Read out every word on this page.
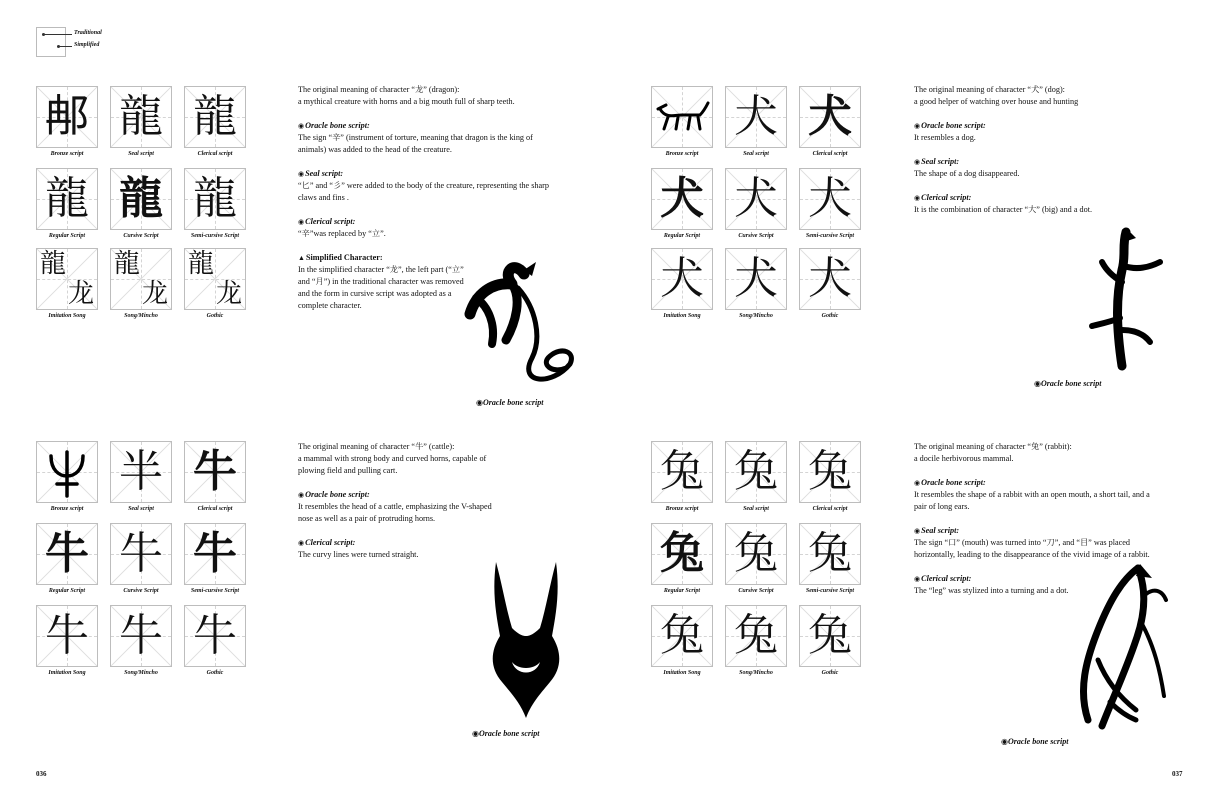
Traditional
Simplified
𨚗
Bronze script
龍
Seal script
龍
Clerical script
龍
Regular Script
龍
Cursive Script
龍
Semi-cursive Script
龍
龙
Imitation Song
龍
龙
Song/Mincho
龍
龙
Gothic

The original meaning of character “龙” (dragon):
a mythical creature with horns and a big mouth full of sharp teeth.

◉Oracle bone script:
The sign “辛” (instrument of torture, meaning that dragon is the king of animals) was added to the head of the creature.

◉Seal script:
“匕” and “彡” were added to the body of the creature, representing the sharp claws and fins .

◉Clerical script:
“辛”was replaced by “立”.

▲Simplified Character:
In the simplified character “龙”, the left part (“立” and “月”) in the traditional character was removed and the form in cursive script was adopted as a complete character.

◉Oracle bone script
Bronze script
犬
Seal script
犬
Clerical script
犬
Regular Script
犬
Cursive Script
犬
Semi-cursive Script
犬
Imitation Song
犬
Song/Mincho
犬
Gothic

The original meaning of character “犬” (dog):
a good helper of watching over house and hunting

◉Oracle bone script:
It resembles a dog.

◉Seal script:
The shape of a dog disappeared.

◉Clerical script:
It is the combination of character “大” (big) and a dot.

◉Oracle bone script
Bronze script
半
Seal script
牛
Clerical script
牛
Regular Script
牛
Cursive Script
牛
Semi-cursive Script
牛
Imitation Song
牛
Song/Mincho
牛
Gothic

The original meaning of character “牛” (cattle):
a mammal with strong body and curved horns, capable of plowing field and pulling cart.

◉Oracle bone script:
It resembles the head of a cattle, emphasizing the V-shaped nose as well as a pair of protruding horns.

◉Clerical script:
The curvy lines were turned straight.

◉Oracle bone script
兔
Bronze script
兔
Seal script
兔
Clerical script
兔
Regular Script
兔
Cursive Script
兔
Semi-cursive Script
兔
Imitation Song
兔
Song/Mincho
兔
Gothic

The original meaning of character “兔” (rabbit):
a docile herbivorous mammal.

◉Oracle bone script:
It resembles the shape of a rabbit with an open mouth, a short tail, and a pair of long ears.

◉Seal script:
The sign “口” (mouth) was turned into “刀”, and “目” was placed horizontally, leading to the disappearance of the vivid image of a rabbit.

◉Clerical script:
The “leg” was stylized into a turning and a dot.

◉Oracle bone script
036	037
